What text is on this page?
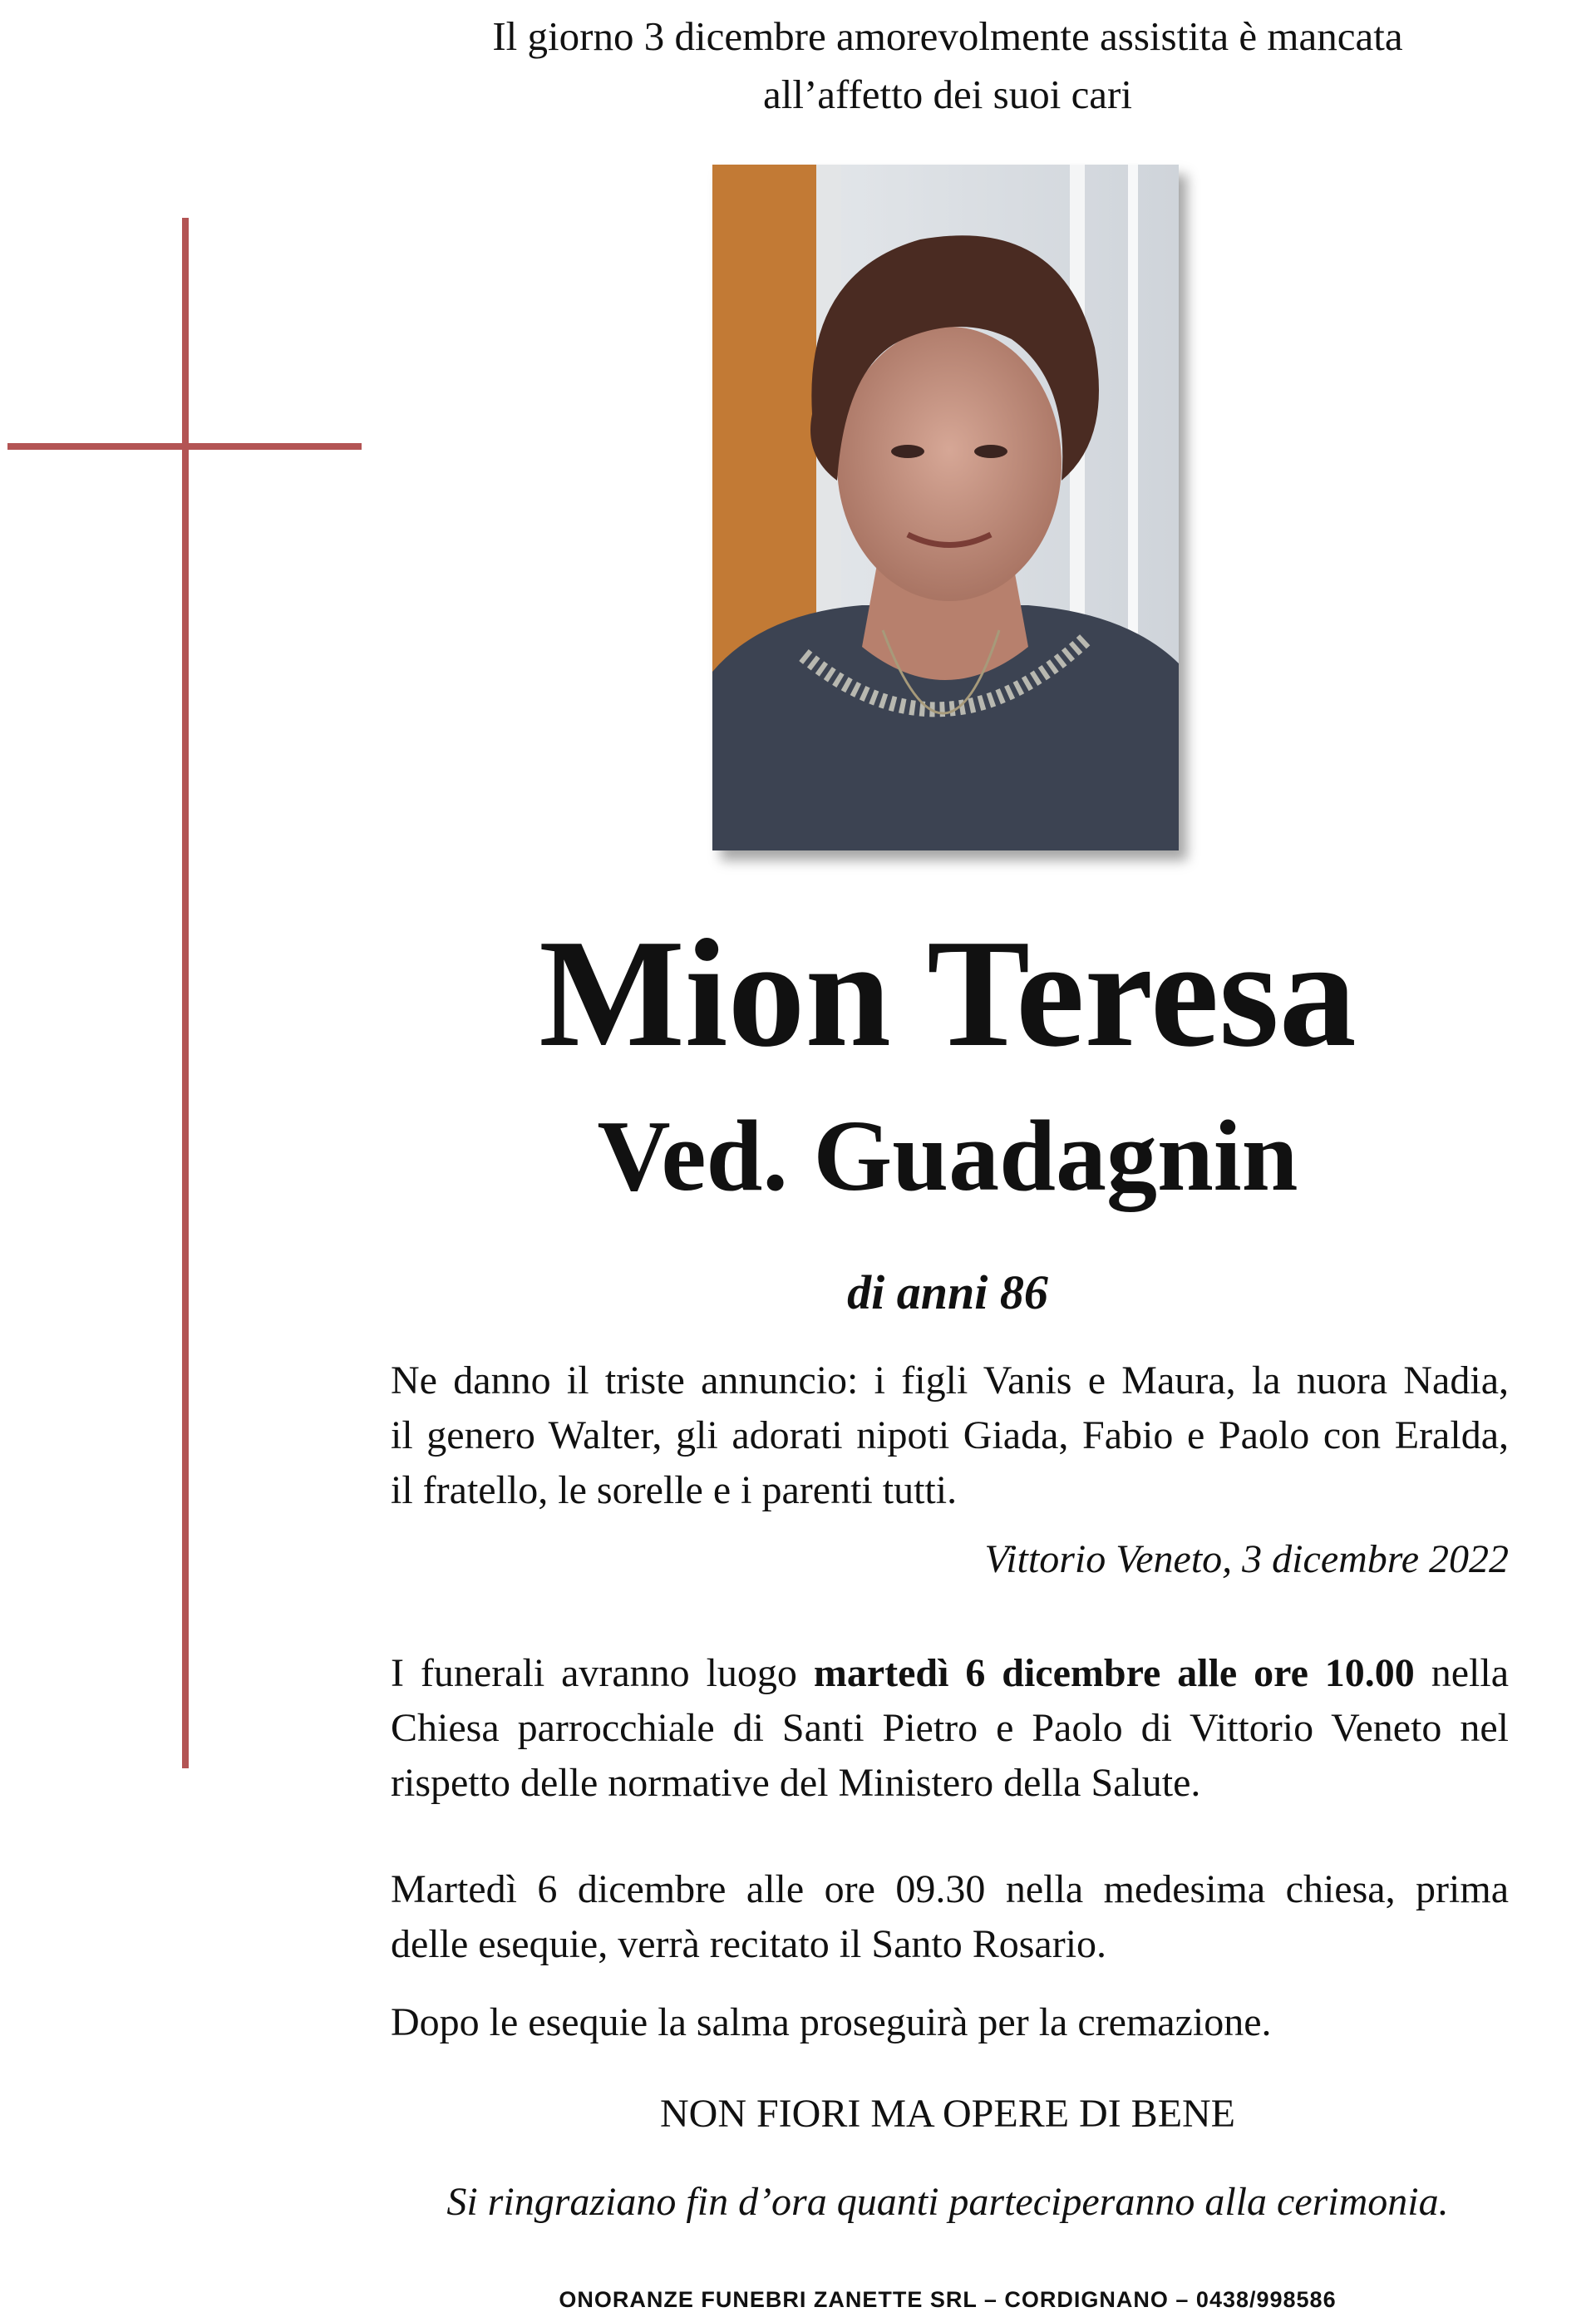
Il giorno 3 dicembre amorevolmente assistita è mancata
all’affetto dei suoi cari
Mion Teresa
Ved. Guadagnin
di anni 86
Ne danno il triste annuncio: i figli Vanis e Maura, la nuora Nadia,
il genero Walter, gli adorati nipoti Giada, Fabio e Paolo con Eralda,
il fratello, le sorelle e i parenti tutti.
Vittorio Veneto, 3 dicembre 2022
I funerali avranno luogo martedì 6 dicembre alle ore 10.00 nella
Chiesa parrocchiale di Santi Pietro e Paolo di Vittorio Veneto nel
rispetto delle normative del Ministero della Salute.
Martedì 6 dicembre alle ore 09.30 nella medesima chiesa, prima
delle esequie, verrà recitato il Santo Rosario.
Dopo le esequie la salma proseguirà per la cremazione.
NON FIORI MA OPERE DI BENE
Si ringraziano fin d’ora quanti parteciperanno alla cerimonia.
ONORANZE FUNEBRI ZANETTE SRL – CORDIGNANO – 0438/998586
